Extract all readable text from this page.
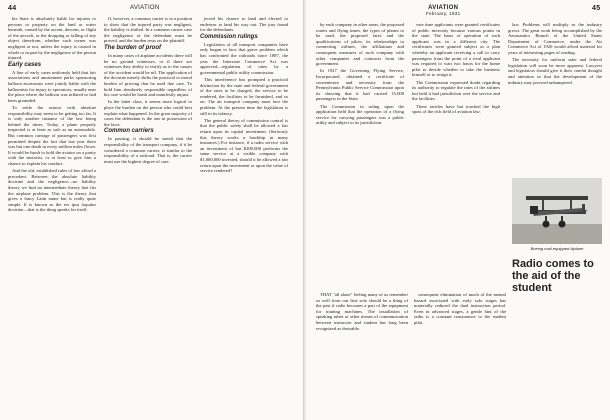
44	AVIATION

his State is absolutely liable for injuries to persons or property on the land or water beneath, caused by the ascent, descent, or flight of the aircraft, or the dropping or falling of any object therefrom, whether such owner was negligent or not, unless the injury is caused in whole or in part by the negligence of the person injured.

Early cases

A line of early cases uniformly held that fair associations and amusement parks sponsoring balloon ascensions were jointly liable with the balloonists for injury to spectators, usually near the place where the balloon was inflated or had been grounded.

To settle the aviator with absolute responsibility may seem to be getting too far. It is only another instance of the law being behind the times. Today, a plane properly inspected is at least as safe as an automobile. But common carriage of passengers was first permitted despite the fact that last year there was but one death in every million miles flown. It would be harsh to hold the aviator on a parity with the motorist, or at least to give him a chance to explain his conduct.

And the old, established rules of law afford a precedent. Between the absolute liability doctrine and the negligence—no liability theory we find an intermediate theory that fits the airplane problem. This is the theory that gives a fancy Latin name but is really quite simple. It is known as the res ipsa loquitur doctrine—that is the thing speaks for itself.

If, however, a common carrier is in a position to show that the injured party was negligent, the liability is shifted. In a common carrier case the negligence of the defendant must be proved, and the burden rests on the plaintiff.

The burden of proof

In many cases of airplane accidents there will be no ground witnesses, or if there are witnesses they ability to testify as to the causes of the accident would be nil. The application of the doctrine merely shifts the practical or moral burden of proving that he used due care. To hold him absolutely responsible regardless of his care would be harsh and manifestly unjust.

In the latter class, it seems more logical to place the burden on the person who could best explain what happened. In the great majority of cases the defendant is the one in possession of the facts.

Common carriers

In passing, it should be stated that the responsibility of the transport company, if it be considered a common carrier, is similar to the responsibility of a railroad. That is, the carrier must use the highest degree of care.

jected his chance to land and elected to endeavor to land his way out. The jury found for the defendants.

Commission rulings

Legislation of all transport companies have only begun to face that grave problem which has confronted the railroads since 1887, the year the Interstate Commerce Act was approved—regulation of rates by a governmental public utility commission.

This interference has prompted a practical distinction by the state and federal government of the rates to be charged, the service to be rendered, the facilities to be furnished, and so on. The air transport company must face the problem. At the present time the legislation is still in its infancy.

The general theory of commission control is that the public safety shall be allowed a fair return upon its capital investment. (Seriously this theory works a hardship in many instances.) For instance, if a radio service with an investment of but $200,000 performs the same service at a visible company with $1,000,000 invested, should it be allowed a fair return upon the investment or upon the value of service rendered?

AVIATION
February, 1931
45

by each company in other areas, the proposed routes and flying times, the types of planes to be used, the proposed fares and the qualifications of pilots, its relationships to connecting airlines, the affiliations and consequent measures of such company with other companies and contracts from the government.

In 1927 the Governing Flying Service, Incorporated, obtained a certificate of convenience and necessity from the Pennsylvania Public Service Commission upon its showing that it had carried 15,000 passengers in the State.

The Commission in ruling upon the application held that the operation of a flying service for carrying passengers was a public utility and subject to its jurisdiction.

vate time applicants were granted certificates of public necessity because various points in the state. The basis of operation of each applicant was in a different city. The certificates were granted subject as a plan whereby an applicant receiving a call to carry passengers from the point of a rival applicant was required to wait two hours for the home pilot to decide whether to take the business himself or to resign it.

The Commission expressed doubt regarding its authority to regulate the rates of the airlines but held it had jurisdiction over the service and the facilities.

These articles have but touched the high spots of the rich field of aviation law.

law. Problems will multiply as the industry grows. The great work being accomplished by the Aeronautics Branch of the United States Department of Commerce, under the Air Commerce Act of 1926 would afford material for years of interesting pages of reading.

The necessity for uniform state and federal legislation will soon be more apparent. Lawyers and legislators should give it their careful thought and attention so that the development of the industry may proceed unhampered.

Boeing mail-equipped biplane
Radio comes to the aid of the student

THAT "all alone" feeling many of us remember so well from our first solo should be a thing of the past if radio becomes a part of the equipment for training machines. The installation of speaking tubes or other means of communication between instructor and student has long been recognized as desirable.

consequent elimination of much of the mental hazard associated with early solo stages has materially reduced the dual instruction period. Even in advanced stages, a gentle hint of the radio is a constant reassurance to the student pilot.
